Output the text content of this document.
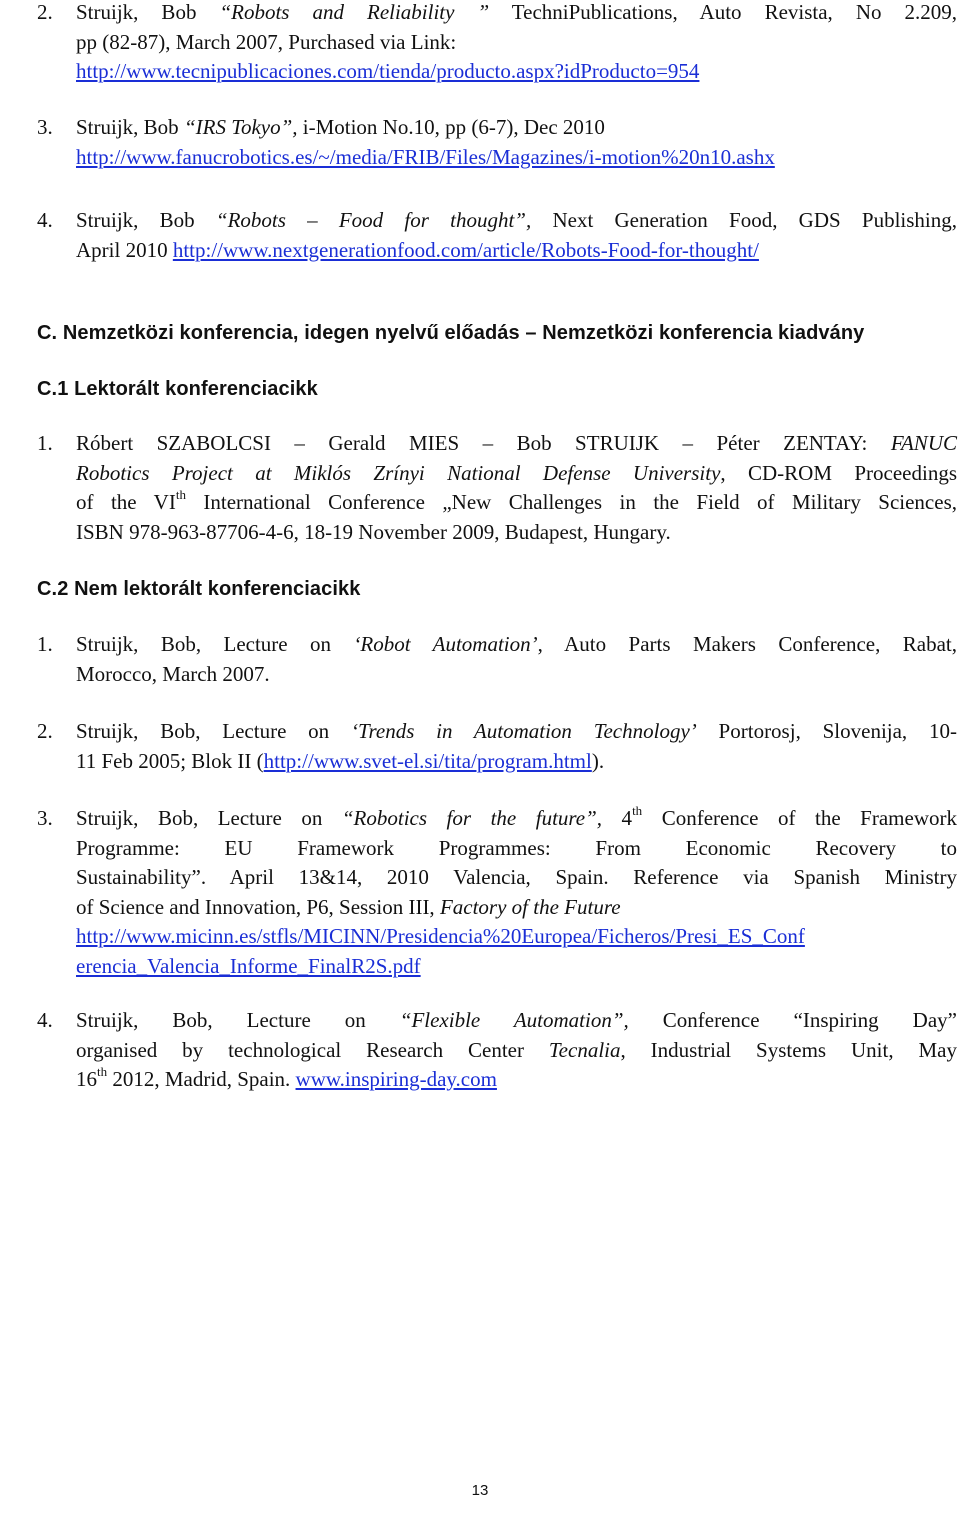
2. Struijk, Bob “Robots and Reliability ” TechniPublications, Auto Revista, No 2.209,
pp (82-87), March 2007, Purchased via Link:
http://www.tecnipublicaciones.com/tienda/producto.aspx?idProducto=954
3. Struijk, Bob “IRS Tokyo”, i-Motion No.10, pp (6-7), Dec 2010
http://www.fanucrobotics.es/~/media/FRIB/Files/Magazines/i-motion%20n10.ashx
4. Struijk, Bob “Robots – Food for thought”, Next Generation Food, GDS Publishing,
April 2010 http://www.nextgenerationfood.com/article/Robots-Food-for-thought/
C. Nemzetközi konferencia, idegen nyelvű előadás – Nemzetközi konferencia kiadvány
C.1 Lektorált konferenciacikk
1. Róbert SZABOLCSI – Gerald MIES – Bob STRUIJK – Péter ZENTAY: FANUC
Robotics Project at Miklós Zrínyi National Defense University, CD-ROM Proceedings
of the VIth International Conference „New Challenges in the Field of Military Sciences,
ISBN 978-963-87706-4-6, 18-19 November 2009, Budapest, Hungary.
C.2 Nem lektorált konferenciacikk
1. Struijk, Bob, Lecture on ‘Robot Automation’, Auto Parts Makers Conference, Rabat,
Morocco, March 2007.
2. Struijk, Bob, Lecture on ‘Trends in Automation Technology’ Portorosj, Slovenija, 10-
11 Feb 2005; Blok II (http://www.svet-el.si/tita/program.html).
3. Struijk, Bob, Lecture on “Robotics for the future”, 4th Conference of the Framework
Programme: EU Framework Programmes: From Economic Recovery to
Sustainability”. April 13&14, 2010 Valencia, Spain. Reference via Spanish Ministry
of Science and Innovation, P6, Session III, Factory of the Future
http://www.micinn.es/stfls/MICINN/Presidencia%20Europea/Ficheros/Presi_ES_Conf
erencia_Valencia_Informe_FinalR2S.pdf
4. Struijk, Bob, Lecture on “Flexible Automation”, Conference “Inspiring Day”
organised by technological Research Center Tecnalia, Industrial Systems Unit, May
16th 2012, Madrid, Spain. www.inspiring-day.com
13
